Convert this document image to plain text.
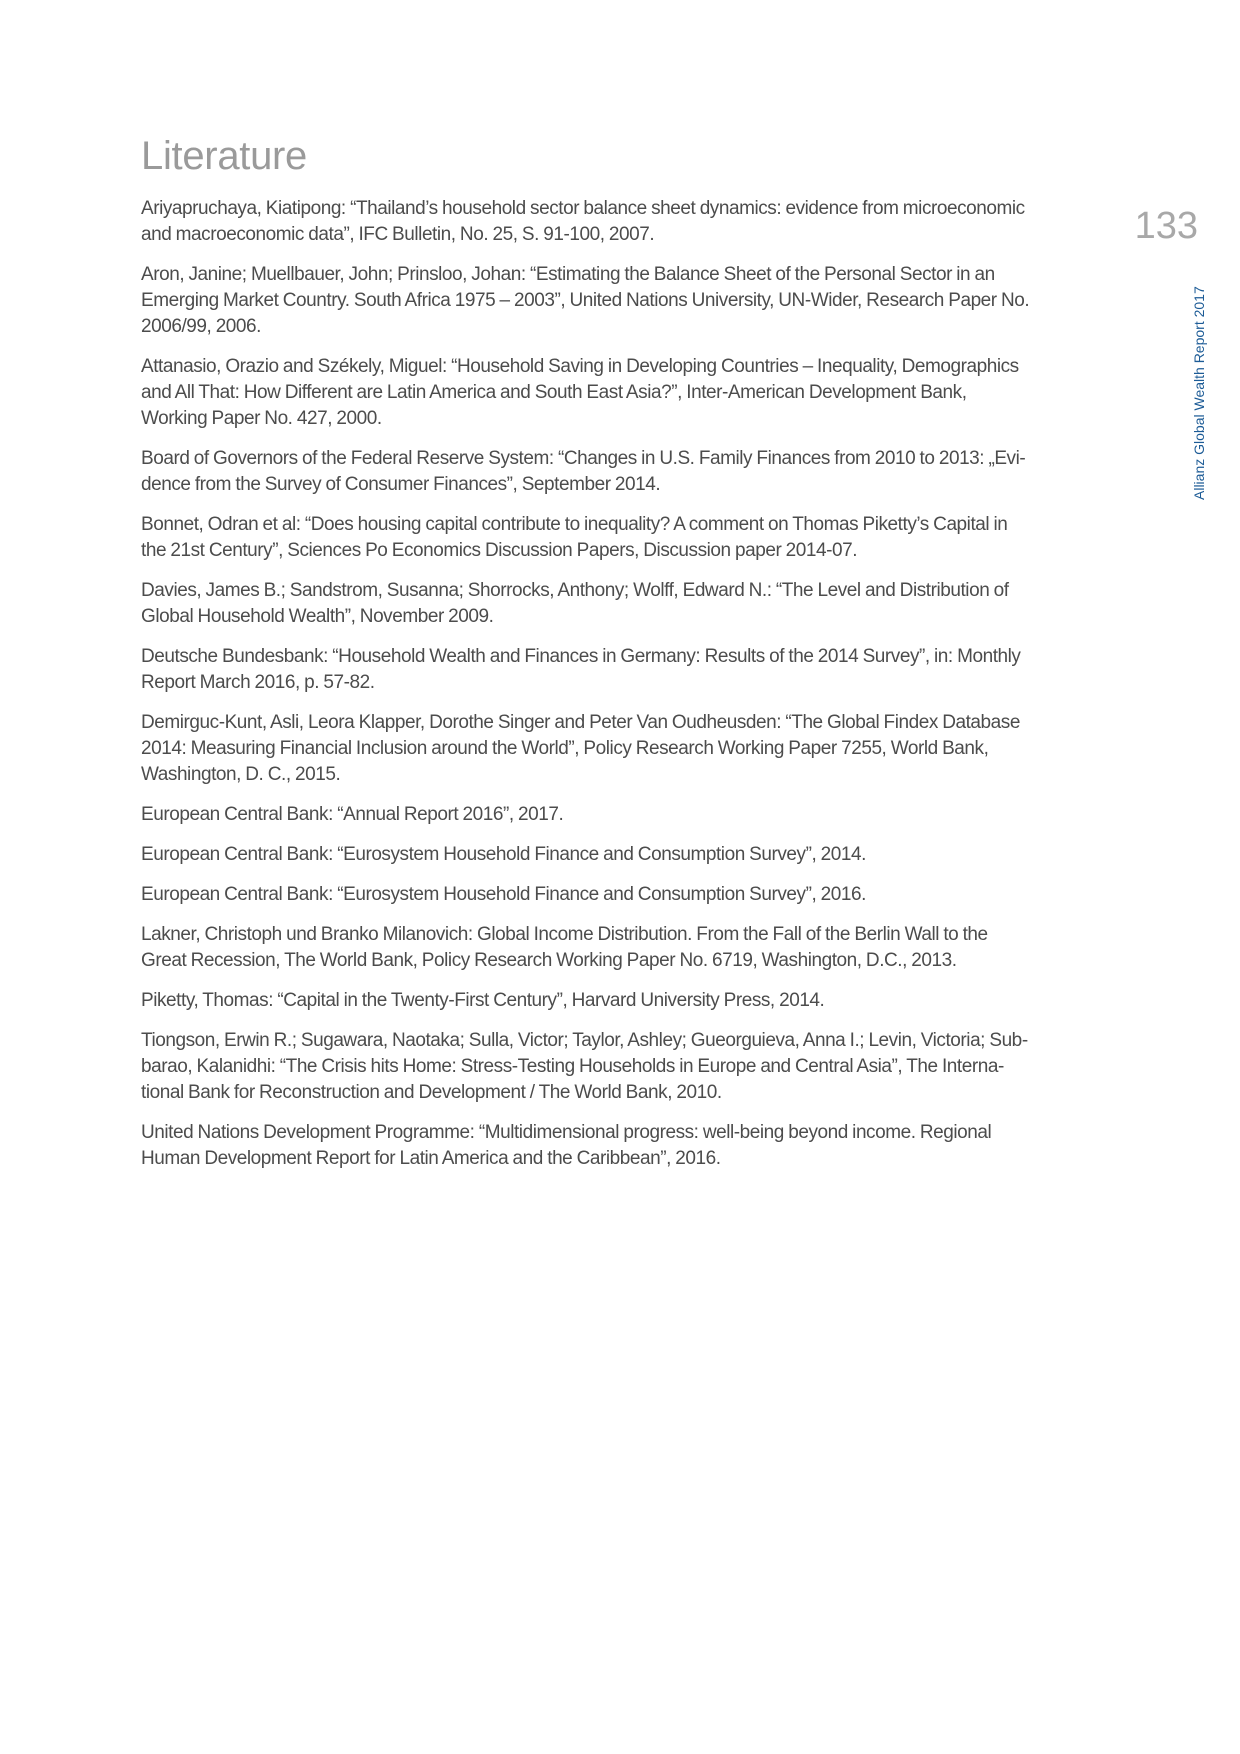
Literature
133
Allianz Global Wealth Report 2017
Ariyapruchaya, Kiatipong: “Thailand’s household sector balance sheet dynamics: evidence from microeconomic and macroeconomic data”, IFC Bulletin, No. 25, S. 91-100, 2007.
Aron, Janine; Muellbauer, John; Prinsloo, Johan: “Estimating the Balance Sheet of the Personal Sector in an Emerging Market Country. South Africa 1975 – 2003”, United Nations University, UN-Wider, Research Paper No. 2006/99, 2006.
Attanasio, Orazio and Székely, Miguel: “Household Saving in Developing Countries – Inequality, Demographics and All That: How Different are Latin America and South East Asia?”, Inter-American Development Bank, Working Paper No. 427, 2000.
Board of Governors of the Federal Reserve System: “Changes in U.S. Family Finances from 2010 to 2013: „Evidence from the Survey of Consumer Finances”, September 2014.
Bonnet, Odran et al: “Does housing capital contribute to inequality? A comment on Thomas Piketty’s Capital in the 21st Century”, Sciences Po Economics Discussion Papers, Discussion paper 2014-07.
Davies, James B.; Sandstrom, Susanna; Shorrocks, Anthony; Wolff, Edward N.: “The Level and Distribution of Global Household Wealth”, November 2009.
Deutsche Bundesbank: “Household Wealth and Finances in Germany: Results of the 2014 Survey”, in: Monthly Report March 2016, p. 57-82.
Demirguc-Kunt, Asli, Leora Klapper, Dorothe Singer and Peter Van Oudheusden: “The Global Findex Database 2014: Measuring Financial Inclusion around the World”, Policy Research Working Paper 7255, World Bank, Washington, D. C., 2015.
European Central Bank: “Annual Report 2016”, 2017.
European Central Bank: “Eurosystem Household Finance and Consumption Survey”, 2014.
European Central Bank: “Eurosystem Household Finance and Consumption Survey”, 2016.
Lakner, Christoph und Branko Milanovich: Global Income Distribution. From the Fall of the Berlin Wall to the Great Recession, The World Bank, Policy Research Working Paper No. 6719, Washington, D.C., 2013.
Piketty, Thomas: “Capital in the Twenty-First Century”, Harvard University Press, 2014.
Tiongson, Erwin R.; Sugawara, Naotaka; Sulla, Victor; Taylor, Ashley; Gueorguieva, Anna I.; Levin, Victoria; Subbarao, Kalanidhi: “The Crisis hits Home: Stress-Testing Households in Europe and Central Asia”, The International Bank for Reconstruction and Development / The World Bank, 2010.
United Nations Development Programme: “Multidimensional progress: well-being beyond income. Regional Human Development Report for Latin America and the Caribbean”, 2016.
